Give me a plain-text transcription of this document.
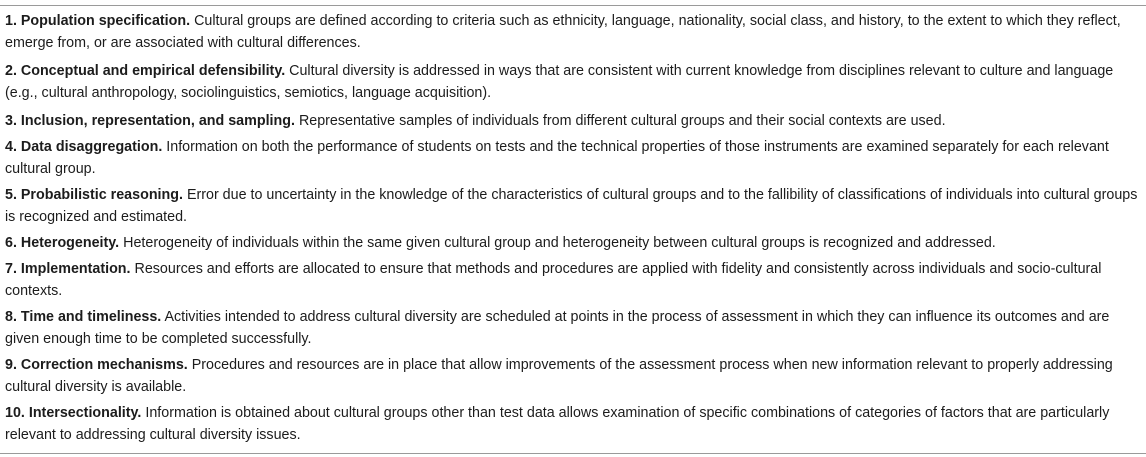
1. Population specification. Cultural groups are defined according to criteria such as ethnicity, language, nationality, social class, and history, to the extent to which they reflect, emerge from, or are associated with cultural differences.

2. Conceptual and empirical defensibility. Cultural diversity is addressed in ways that are consistent with current knowledge from disciplines relevant to culture and language (e.g., cultural anthropology, sociolinguistics, semiotics, language acquisition).

3. Inclusion, representation, and sampling. Representative samples of individuals from different cultural groups and their social contexts are used.

4. Data disaggregation. Information on both the performance of students on tests and the technical properties of those instruments are examined separately for each relevant cultural group.

5. Probabilistic reasoning. Error due to uncertainty in the knowledge of the characteristics of cultural groups and to the fallibility of classifications of individuals into cultural groups is recognized and estimated.

6. Heterogeneity. Heterogeneity of individuals within the same given cultural group and heterogeneity between cultural groups is recognized and addressed.

7. Implementation. Resources and efforts are allocated to ensure that methods and procedures are applied with fidelity and consistently across individuals and socio-cultural contexts.

8. Time and timeliness. Activities intended to address cultural diversity are scheduled at points in the process of assessment in which they can influence its outcomes and are given enough time to be completed successfully.

9. Correction mechanisms. Procedures and resources are in place that allow improvements of the assessment process when new information relevant to properly addressing cultural diversity is available.

10. Intersectionality. Information is obtained about cultural groups other than test data allows examination of specific combinations of categories of factors that are particularly relevant to addressing cultural diversity issues.
